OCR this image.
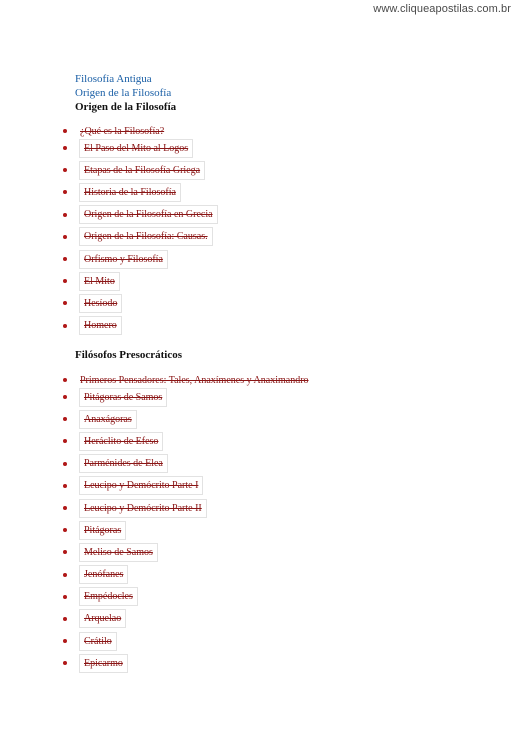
www.cliqueapostilas.com.br
Filosofía Antigua
Origen de la Filosofía
Origen de la Filosofía
¿Qué es la Filosofía?
El Paso del Mito al Logos
Etapas de la Filosofía Griega
Historia de la Filosofía
Origen de la Filosofía en Grecia
Origen de la Filosofía: Causas.
Orfismo y Filosofía
El Mito
Hesíodo
Homero
Filósofos Presocráticos
Primeros Pensadores: Tales, Anaxímenes y Anaximandro
Pitágoras de Samos
Anaxágoras
Heráclito de Efeso
Parménides de Elea
Leucipo y Demócrito Parte I
Leucipo y Demócrito Parte II
Pitágoras
Meliso de Samos
Jenófanes
Empédocles
Arquelao
Crátilo
Epicarmo
